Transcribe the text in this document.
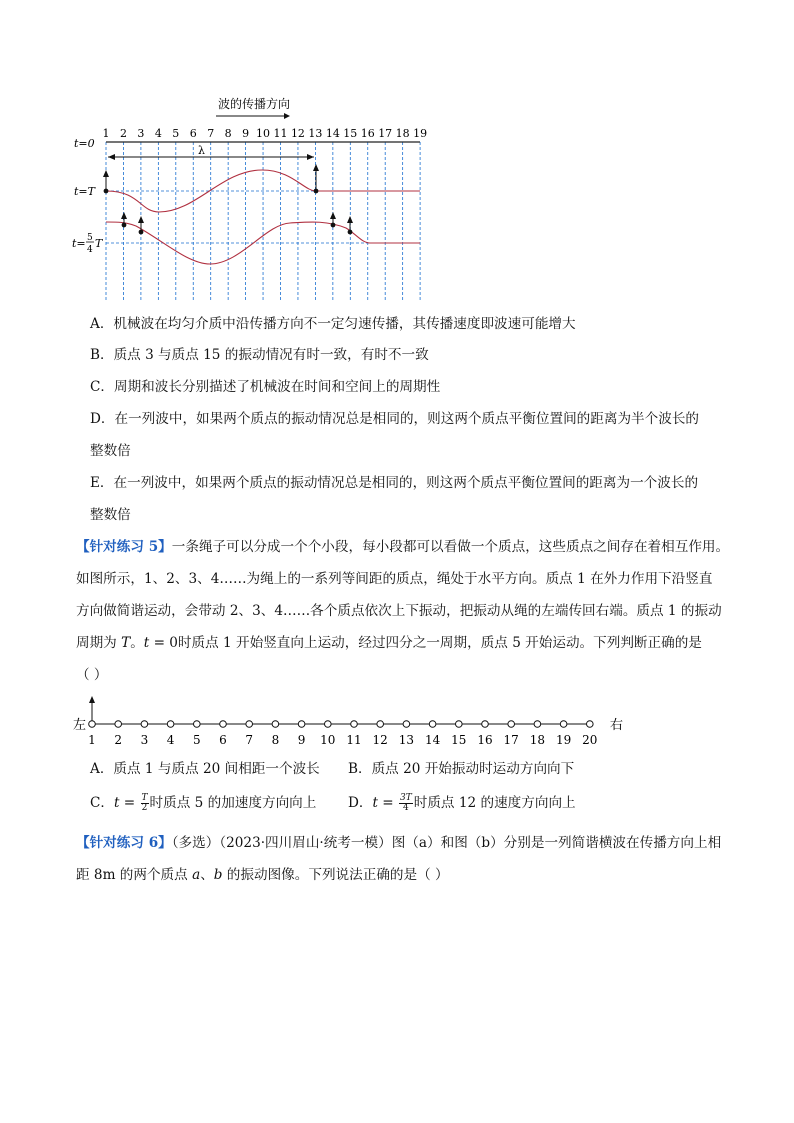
波的传播方向
1 2 3 4 5 6 7 8 9 10 11 12 13 14 15 16 17 18 19
t=0
λ
t=T
t= 5
4 T
A．机械波在均匀介质中沿传播方向不一定匀速传播，其传播速度即波速可能增大
B．质点 3 与质点 15 的振动情况有时一致，有时不一致
C．周期和波长分别描述了机械波在时间和空间上的周期性
D．在一列波中，如果两个质点的振动情况总是相同的，则这两个质点平衡位置间的距离为半个波长的
整数倍
E．在一列波中，如果两个质点的振动情况总是相同的，则这两个质点平衡位置间的距离为一个波长的
整数倍
【针对练习 5】一条绳子可以分成一个个小段，每小段都可以看做一个质点，这些质点之间存在着相互作用。
如图所示，1、2、3、4……为绳上的一系列等间距的质点，绳处于水平方向。质点 1 在外力作用下沿竖直
方向做简谐运动，会带动 2、3、4……各个质点依次上下振动，把振动从绳的左端传回右端。质点 1 的振动
周期为 T。t = 0时质点 1 开始竖直向上运动，经过四分之一周期，质点 5 开始运动。下列判断正确的是
（ ）
左	右
1 2 3 4 5 6 7 8 9 10 11 12 13 14 15 16 17 18 19 20
A．质点 1 与质点 20 间相距一个波长 B．质点 20 开始振动时运动方向向下
C．$t = \frac{T}{2}$ 时质点 5 的加速度方向向上 D．$t = \frac{3T}{4}$ 时质点 12 的速度方向向上
【针对练习 6】（多选）（2023·四川眉山·统考一模）图（a）和图（b）分别是一列简谐横波在传播方向上相
距 8m 的两个质点 a、b 的振动图像。下列说法正确的是（ ）
